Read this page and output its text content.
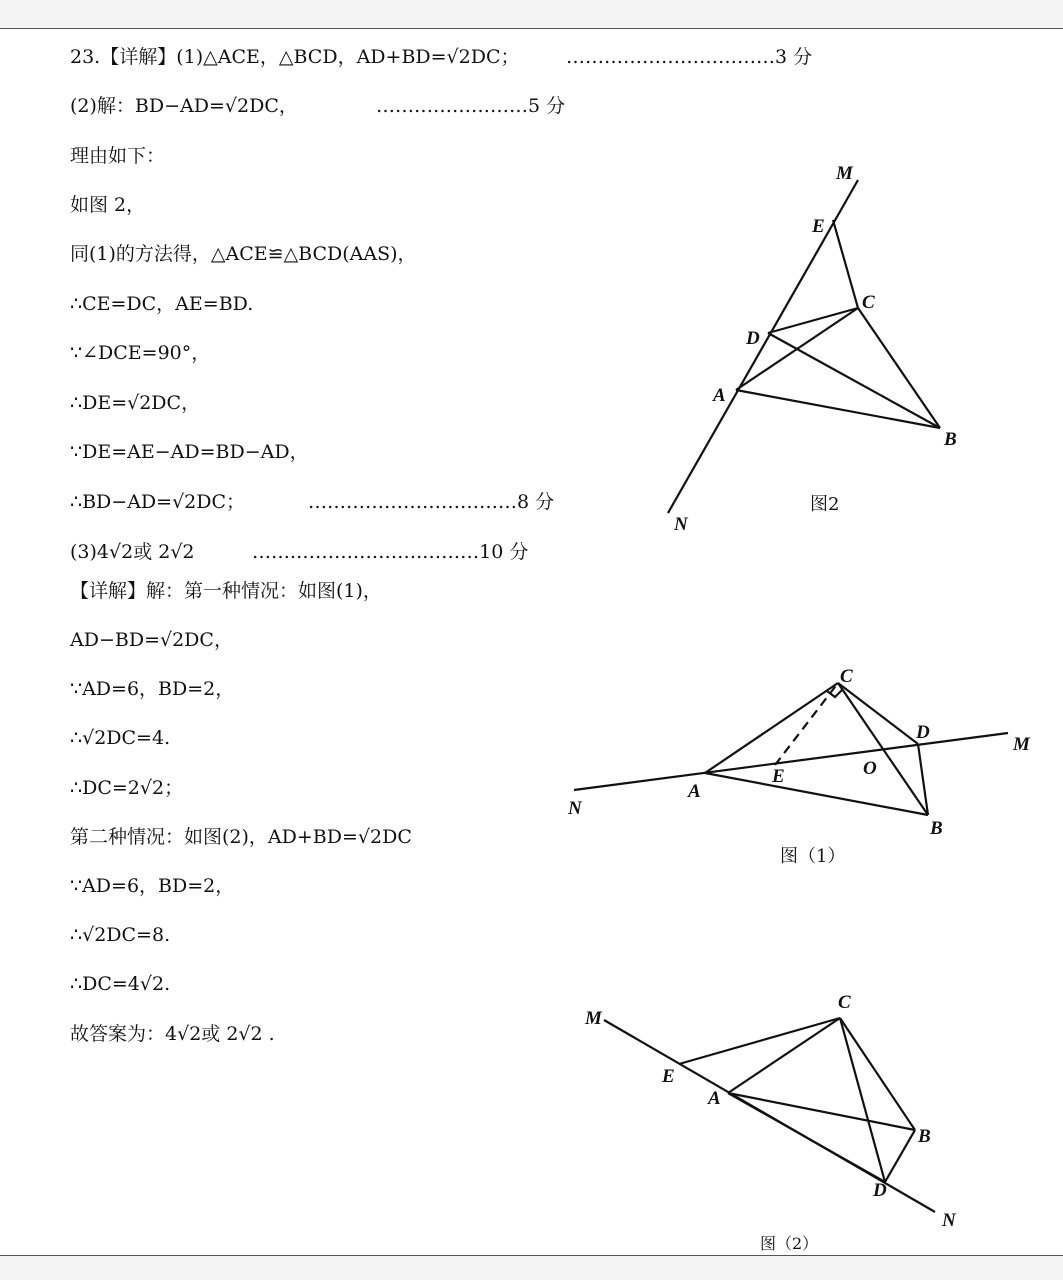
23.【详解】(1)△ACE，△BCD，AD+BD=√2DC； ……………………………3 分
(2)解：BD−AD=√2DC，	……………………5 分
理由如下：
如图 2，
同(1)的方法得，△ACE≌△BCD(AAS)，
∴CE=DC，AE=BD.
∵∠DCE=90°，
∴DE=√2DC，
∵DE=AE−AD=BD−AD，
∴BD−AD=√2DC；	……………………………8 分
(3)4√2或 2√2	…….……….……….………10 分
【详解】解：第一种情况：如图(1)，
AD−BD=√2DC，
∵AD=6，BD=2，
∴√2DC=4.
∴DC=2√2；
第二种情况：如图(2)，AD+BD=√2DC
∵AD=6，BD=2，
∴√2DC=8.
∴DC=4√2.
故答案为：4√2或 2√2 .
M
E
C
D
A
B
N
图2
C
D
M
E	O
A
N
B
图（1）
M
C
E
A
B
D
N
图（2）
